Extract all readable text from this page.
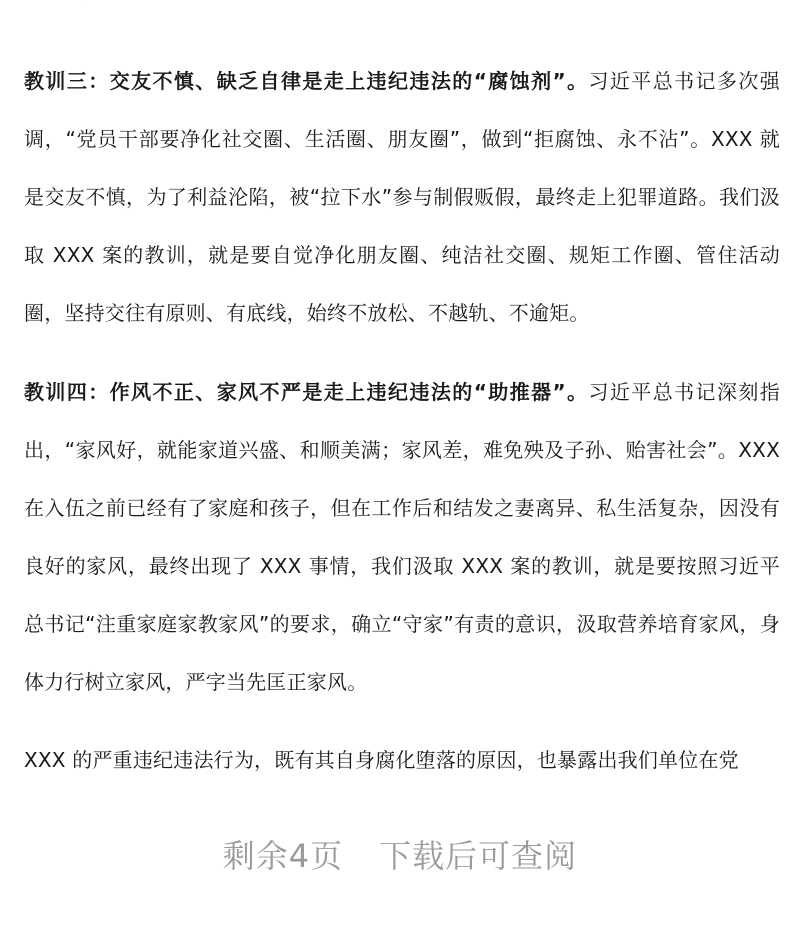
教训三：交友不慎、缺乏自律是走上违纪违法的“腐蚀剂”。习近平总书记多次强调，“党员干部要净化社交圈、生活圈、朋友圈”，做到“拒腐蚀、永不沾”。XXX 就是交友不慎，为了利益沦陷，被“拉下水”参与制假贩假，最终走上犯罪道路。我们汲取 XXX 案的教训，就是要自觉净化朋友圈、纯洁社交圈、规矩工作圈、管住活动圈，坚持交往有原则、有底线，始终不放松、不越轨、不逾矩。

教训四：作风不正、家风不严是走上违纪违法的“助推器”。习近平总书记深刻指出，“家风好，就能家道兴盛、和顺美满；家风差，难免殃及子孙、贻害社会”。XXX 在入伍之前已经有了家庭和孩子，但在工作后和结发之妻离异、私生活复杂，因没有良好的家风，最终出现了 XXX 事情，我们汲取 XXX 案的教训，就是要按照习近平总书记“注重家庭家教家风”的要求，确立“守家”有责的意识，汲取营养培育家风，身体力行树立家风，严字当先匡正家风。

XXX 的严重违纪违法行为，既有其自身腐化堕落的原因，也暴露出我们单位在党

剩余4页 下载后可查阅
